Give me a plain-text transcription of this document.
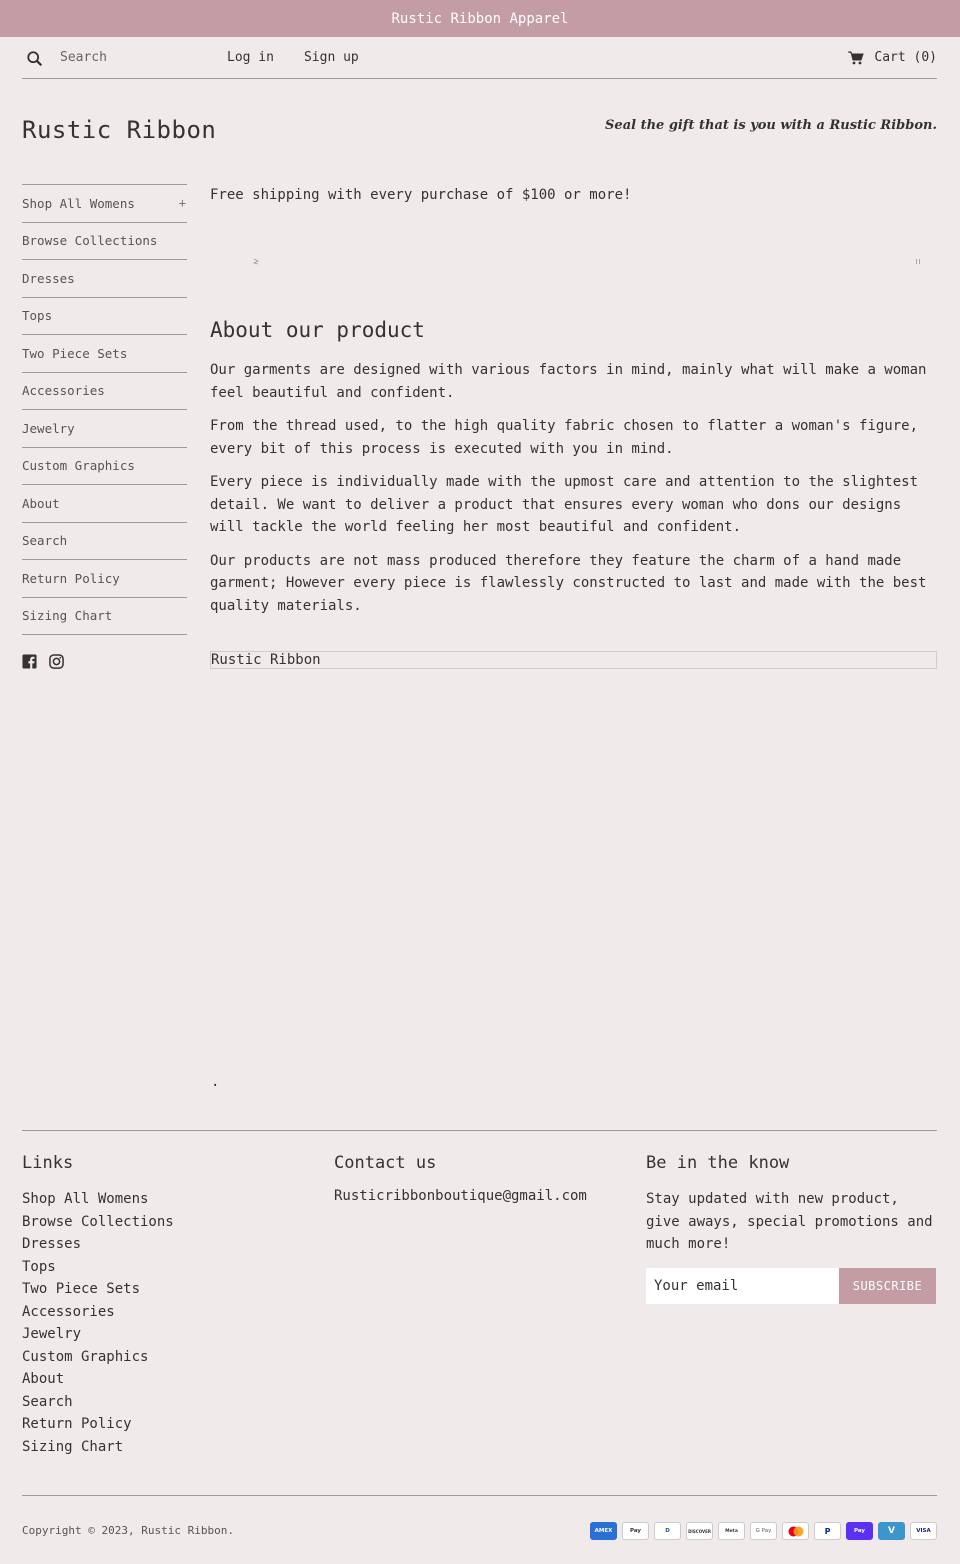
Rustic Ribbon Apparel
Search
Log in Sign up	Cart (0)
Rustic Ribbon	Seal the gift that is you with a Rustic Ribbon.
Shop All Womens	+
Browse Collections
Dresses
Tops
Two Piece Sets
Accessories
Jewelry
Custom Graphics
About
Search
Return Policy
Sizing Chart

Free shipping with every purchase of $100 or more!

About our product

Our garments are designed with various factors in mind, mainly what will make a woman feel beautiful and confident.

From the thread used, to the high quality fabric chosen to flatter a woman's figure, every bit of this process is executed with you in mind.

Every piece is individually made with the upmost care and attention to the slightest detail. We want to deliver a product that ensures every woman who dons our designs will tackle the world feeling her most beautiful and confident.

Our products are not mass produced therefore they feature the charm of a hand made garment; However every piece is flawlessly constructed to last and made with the best quality materials.

Rustic Ribbon
.
Links
Shop All Womens
Browse Collections
Dresses
Tops
Two Piece Sets
Accessories
Jewelry
Custom Graphics
About
Search
Return Policy
Sizing Chart
Contact us

Rusticribbonboutique@gmail.com

Be in the know

Stay updated with new product, give aways, special promotions and much more!

Your email
SUBSCRIBE
Copyright © 2023, Rustic Ribbon.	AMEX	Pay	D	DISCOVER	Meta	G Pay	P	Pay	V	VISA
